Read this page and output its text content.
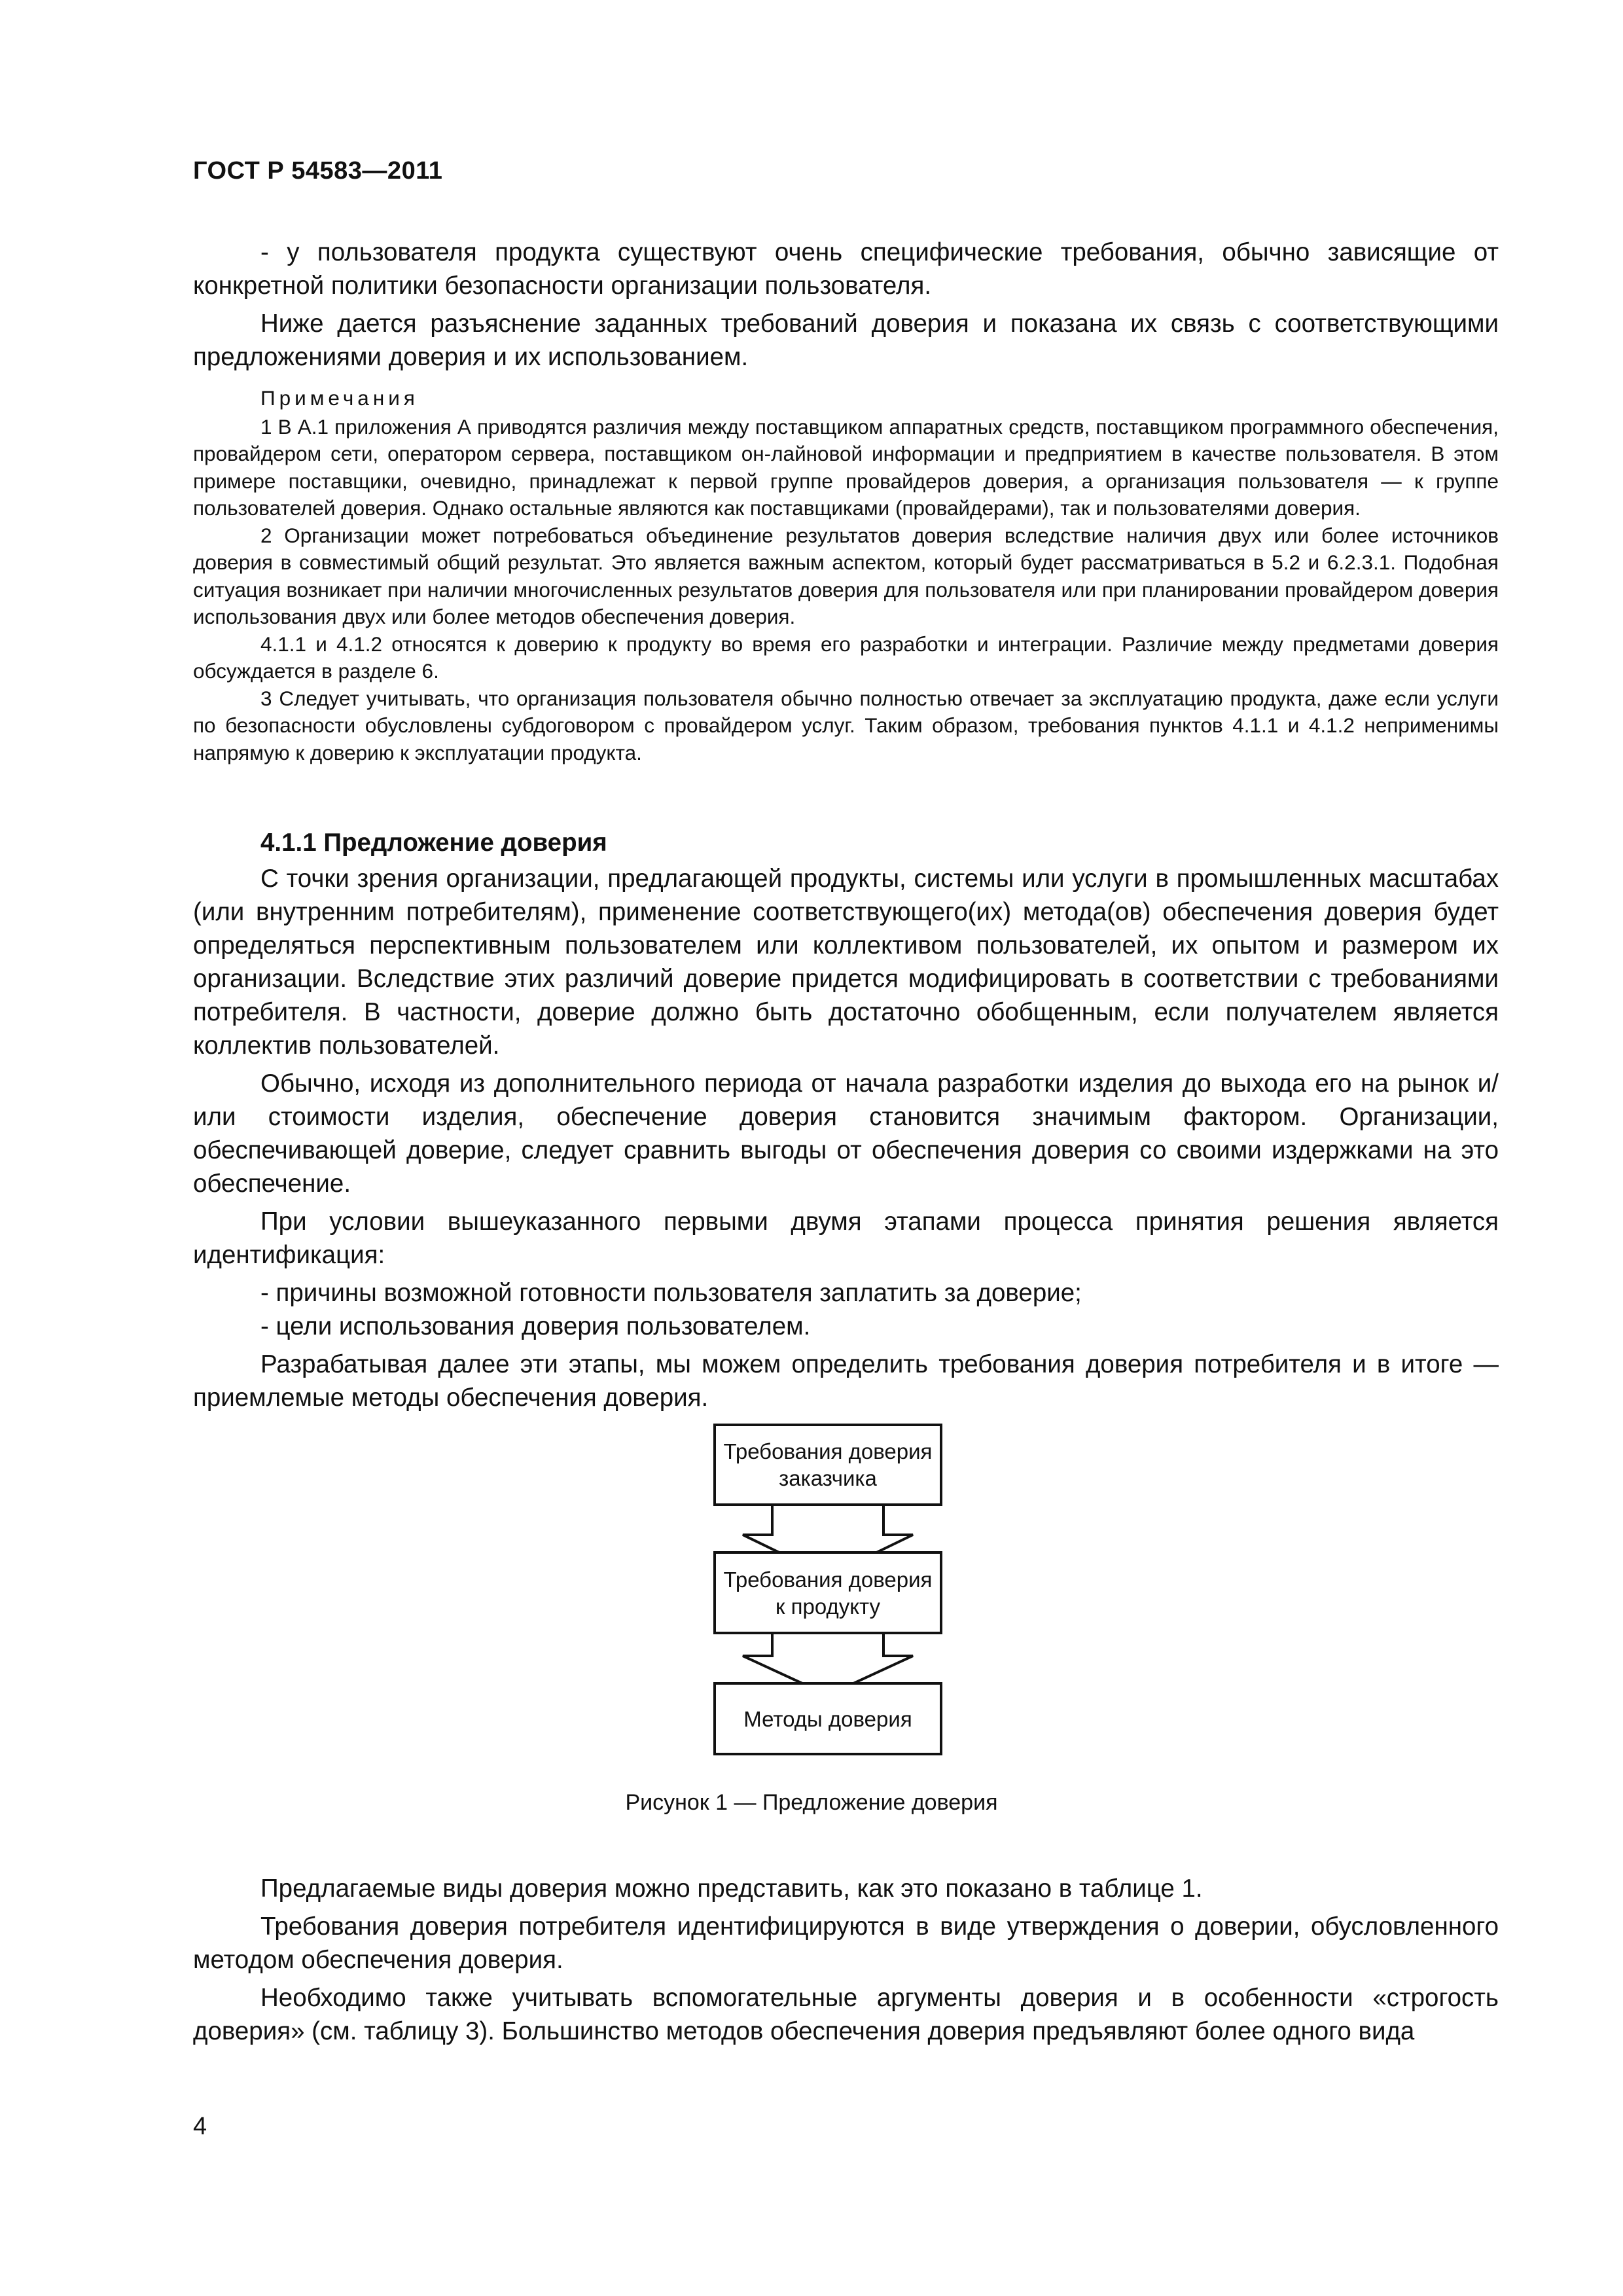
ГОСТ Р 54583—2011

- у пользователя продукта существуют очень специфические требования, обычно зависящие от конкретной политики безопасности организации пользователя.

Ниже дается разъяснение заданных требований доверия и показана их связь с соответствующими предложениями доверия и их использованием.

Примечания

1 В А.1 приложения А приводятся различия между поставщиком аппаратных средств, поставщиком программного обеспечения, провайдером сети, оператором сервера, поставщиком он-лайновой информации и предприятием в качестве пользователя. В этом примере поставщики, очевидно, принадлежат к первой группе провайдеров доверия, а организация пользователя — к группе пользователей доверия. Однако остальные являются как поставщиками (провайдерами), так и пользователями доверия.

2 Организации может потребоваться объединение результатов доверия вследствие наличия двух или более источников доверия в совместимый общий результат. Это является важным аспектом, который будет рассматриваться в 5.2 и 6.2.3.1. Подобная ситуация возникает при наличии многочисленных результатов доверия для пользователя или при планировании провайдером доверия использования двух или более методов обеспечения доверия.

4.1.1 и 4.1.2 относятся к доверию к продукту во время его разработки и интеграции. Различие между предметами доверия обсуждается в разделе 6.

3 Следует учитывать, что организация пользователя обычно полностью отвечает за эксплуатацию продукта, даже если услуги по безопасности обусловлены субдоговором с провайдером услуг. Таким образом, требования пунктов 4.1.1 и 4.1.2 неприменимы напрямую к доверию к эксплуатации продукта.

4.1.1 Предложение доверия

С точки зрения организации, предлагающей продукты, системы или услуги в промышленных масштабах (или внутренним потребителям), применение соответствующего(их) метода(ов) обеспечения доверия будет определяться перспективным пользователем или коллективом пользователей, их опытом и размером их организации. Вследствие этих различий доверие придется модифицировать в соответствии с требованиями потребителя. В частности, доверие должно быть достаточно обобщенным, если получателем является коллектив пользователей.

Обычно, исходя из дополнительного периода от начала разработки изделия до выхода его на рынок и/или стоимости изделия, обеспечение доверия становится значимым фактором. Организации, обеспечивающей доверие, следует сравнить выгоды от обеспечения доверия со своими издержками на это обеспечение.

При условии вышеуказанного первыми двумя этапами процесса принятия решения является идентификация:

- причины возможной готовности пользователя заплатить за доверие;

- цели использования доверия пользователем.

Разрабатывая далее эти этапы, мы можем определить требования доверия потребителя и в итоге — приемлемые методы обеспечения доверия.

Требования доверия заказчика
Требования доверия к продукту
Методы доверия
Рисунок 1 — Предложение доверия

Предлагаемые виды доверия можно представить, как это показано в таблице 1.

Требования доверия потребителя идентифицируются в виде утверждения о доверии, обусловленного методом обеспечения доверия.

Необходимо также учитывать вспомогательные аргументы доверия и в особенности «строгость доверия» (см. таблицу 3). Большинство методов обеспечения доверия предъявляют более одного вида

4
